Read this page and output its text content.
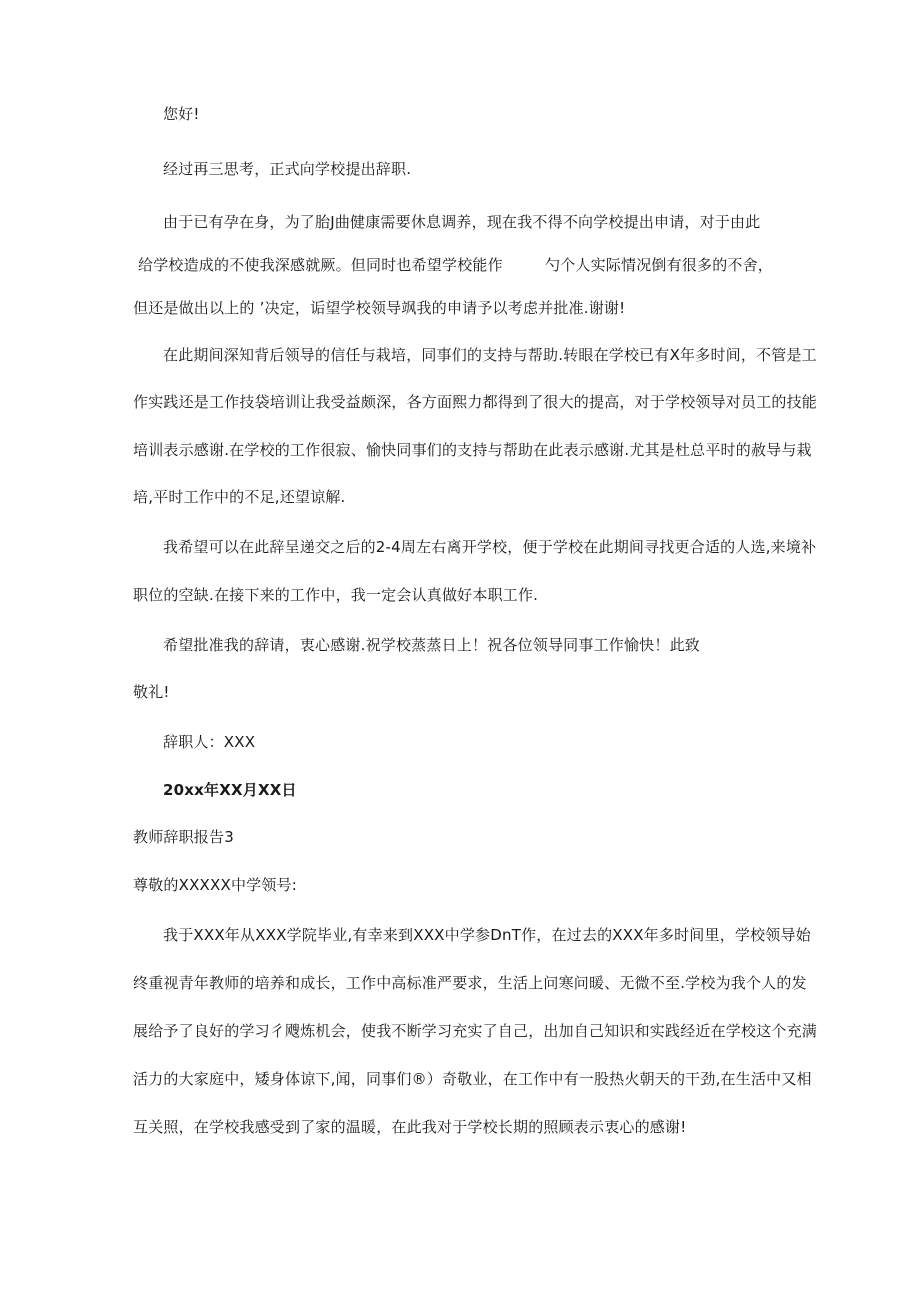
您好!
经过再三思考，正式向学校提出辞职.
由于已有孕在身，为了胎J曲健康需要休息调养，现在我不得不向学校提出申请，对于由此
给学校造成的不使我深感就厥。但同时也希望学校能作	勺个人实际情况倒有很多的不舍，
但还是做出以上的 ’决定，诟望学校领导飒我的申请予以考虑并批准.谢谢!
在此期间深知背后领导的信任与栽培，同事们的支持与帮助.转眼在学校已有X年多时间，不管是工
作实践还是工作技袋培训让我受益颇深，各方面熙力都得到了很大的提高，对于学校领导对员工的技能
培训表示感谢.在学校的工作很寂、愉快同事们的支持与帮助在此表示感谢.尤其是杜总平时的赦导与栽
培,平时工作中的不足,还望谅解.
我希望可以在此辞呈递交之后的2-4周左右离开学校，便于学校在此期间寻找更合适的人选,来境补
职位的空缺.在接下来的工作中，我一定会认真做好本职工作.
希望批准我的辞请，衷心感谢.祝学校蒸蒸日上！祝各位领导同事工作愉快！此致
敬礼!
辞职人：XXX
20xx年XX月XX日
教师辞职报告3
尊敬的XXXXX中学领号:
我于XXX年从XXX学院毕业,有幸来到XXX中学参DnT作，在过去的XXX年多时间里，学校领导始
终重视青年教师的培养和成长，工作中高标准严要求，生活上问寒问暖、无微不至.学校为我个人的发
展给予了良好的学习彳飕炼机会，使我不断学习充实了自己，出加自己知识和实践经近在学校这个充满
活力的大家庭中，矮身体谅下,闻，同事们®）奇敬业，在工作中有一股热火朝天的干劲,在生活中又相
互关照，在学校我感受到了家的温暖，在此我对于学校长期的照顾表示衷心的感谢!
